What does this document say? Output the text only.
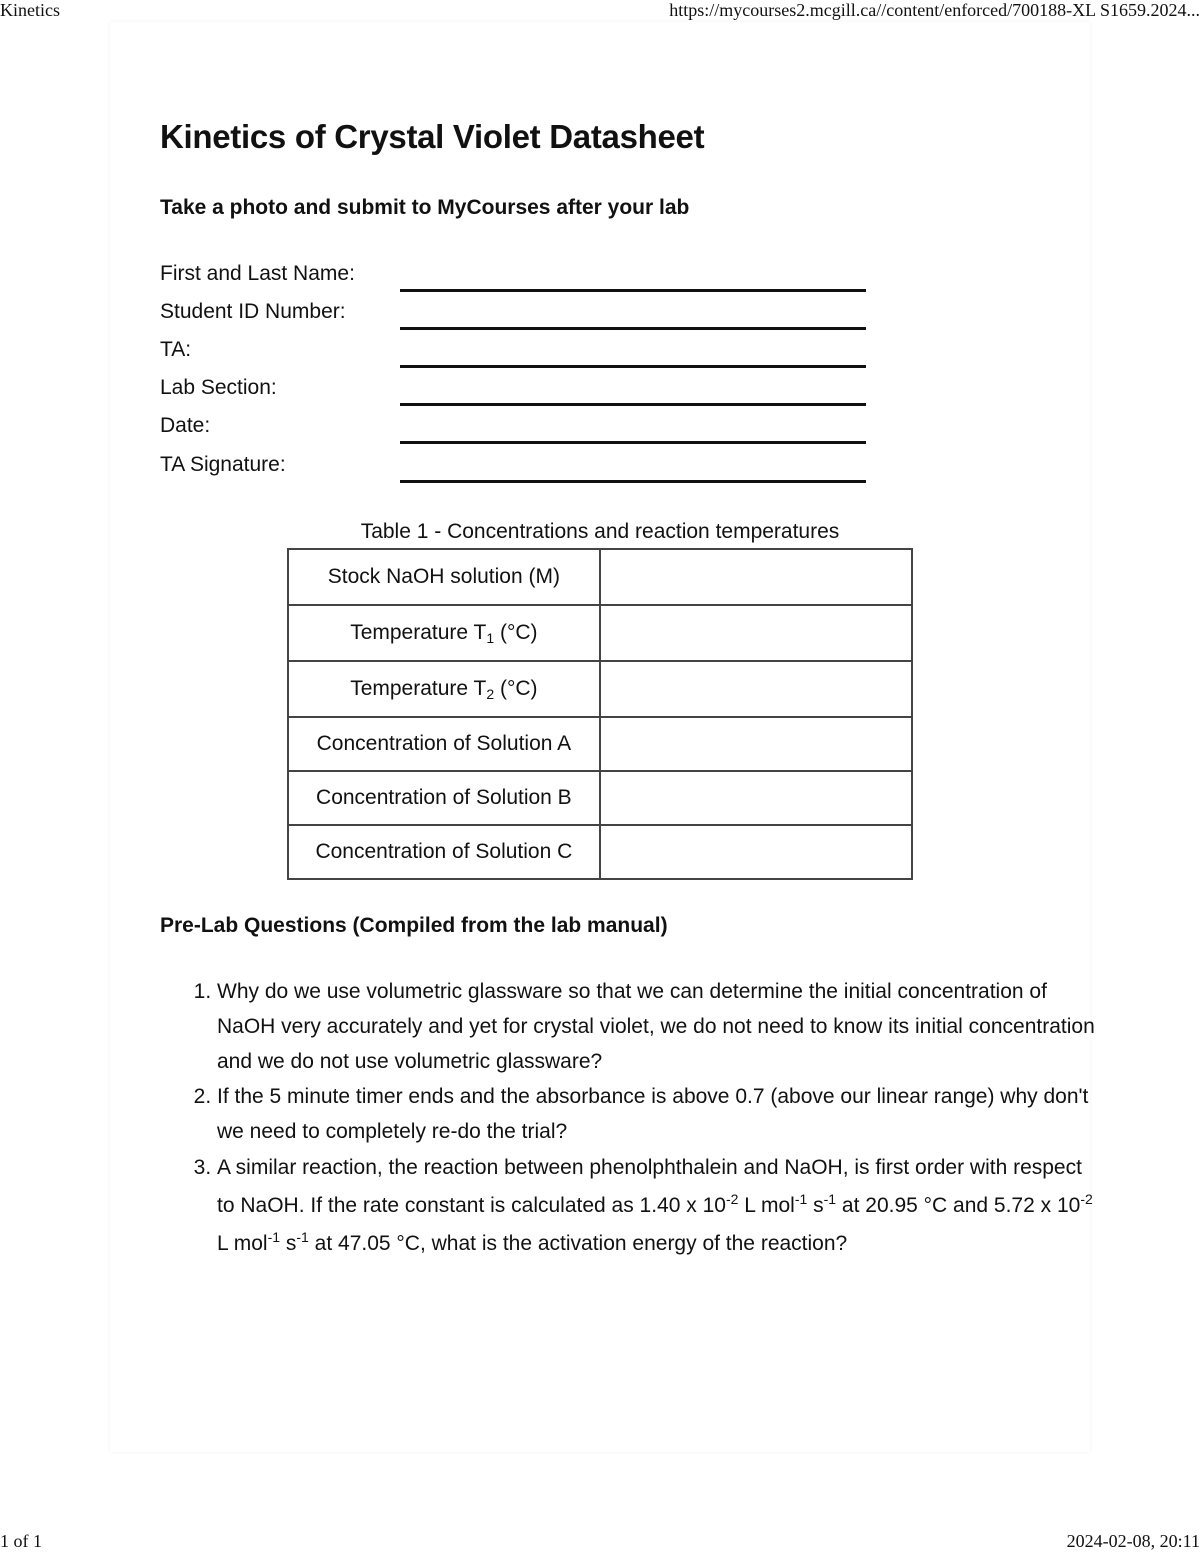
Kinetics	https://mycourses2.mcgill.ca//content/enforced/700188-XL S1659.2024...
Kinetics of Crystal Violet Datasheet

Take a photo and submit to MyCourses after your lab

First and Last Name:
Student ID Number:
TA:
Lab Section:
Date:
TA Signature:
Table 1 - Concentrations and reaction temperatures
Stock NaOH solution (M)	
Temperature $T_1$ (°C)	
Temperature $T_2$ (°C)	
Concentration of Solution A	
Concentration of Solution B	
Concentration of Solution C	

Pre-Lab Questions (Compiled from the lab manual)

1. Why do we use volumetric glassware so that we can determine the initial concentration of NaOH very accurately and yet for crystal violet, we do not need to know its initial concentration and we do not use volumetric glassware?
2. If the 5 minute timer ends and the absorbance is above 0.7 (above our linear range) why don't we need to completely re-do the trial?
3. A similar reaction, the reaction between phenolphthalein and NaOH, is first order with respect to NaOH. If the rate constant is calculated as 1.40 x $10^{-2}$ L mol$^{-1}$ $s^{-1}$ at 20.95 °C and 5.72 x $10^{-2}$ L mol$^{-1}$ $s^{-1}$ at 47.05 °C, what is the activation energy of the reaction?
1 of 1	2024-02-08, 20:11
